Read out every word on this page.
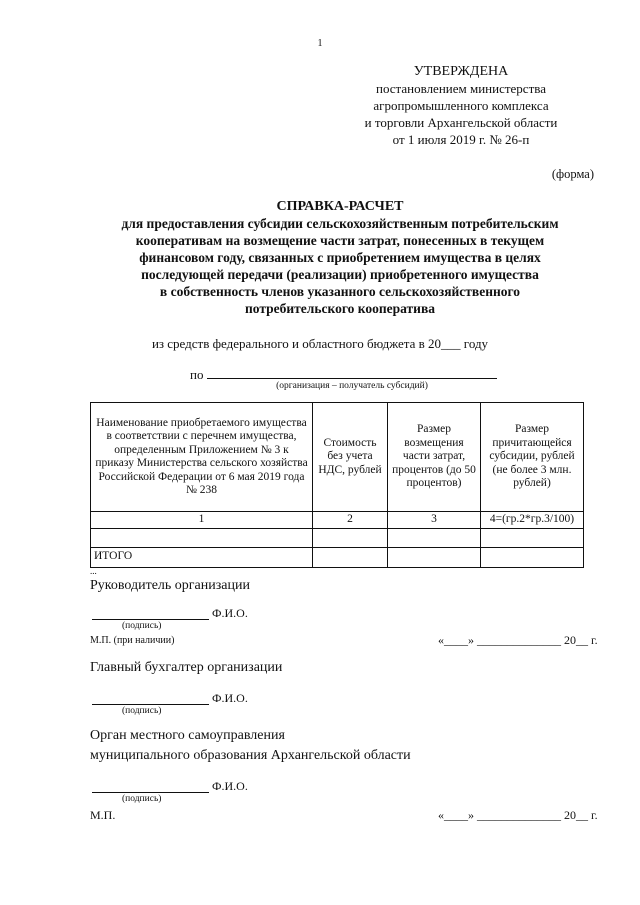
1
УТВЕРЖДЕНА
постановлением министерства
агропромышленного комплекса
и торговли Архангельской области
от 1 июля 2019 г. № 26-п
(форма)
СПРАВКА-РАСЧЕТ
для предоставления субсидии сельскохозяйственным потребительским
кооперативам на возмещение части затрат, понесенных в текущем
финансовом году, связанных с приобретением имущества в целях
последующей передачи (реализации) приобретенного имущества
в собственность членов указанного сельскохозяйственного
потребительского кооператива
из средств федерального и областного бюджета в 20___ году
по
(организация – получатель субсидий)
Наименование приобретаемого имущества в соответствии с перечнем имущества, определенным Приложением № 3 к приказу Министерства сельского хозяйства Российской Федерации от 6 мая 2019 года № 238	Стоимость без учета НДС, рублей	Размер возмещения части затрат, процентов (до 50 процентов)	Размер причитающейся субсидии, рублей (не более 3 млн. рублей)
1	2	3	4=(гр.2*гр.3/100)

ИТОГО			
...
Руководитель организации
Ф.И.О.
(подпись)
М.П. (при наличии)	«____» ______________ 20__ г.
Главный бухгалтер организации
Ф.И.О.
(подпись)
Орган местного самоуправления
муниципального образования Архангельской области
Ф.И.О.
(подпись)
М.П.	«____» ______________ 20__ г.
